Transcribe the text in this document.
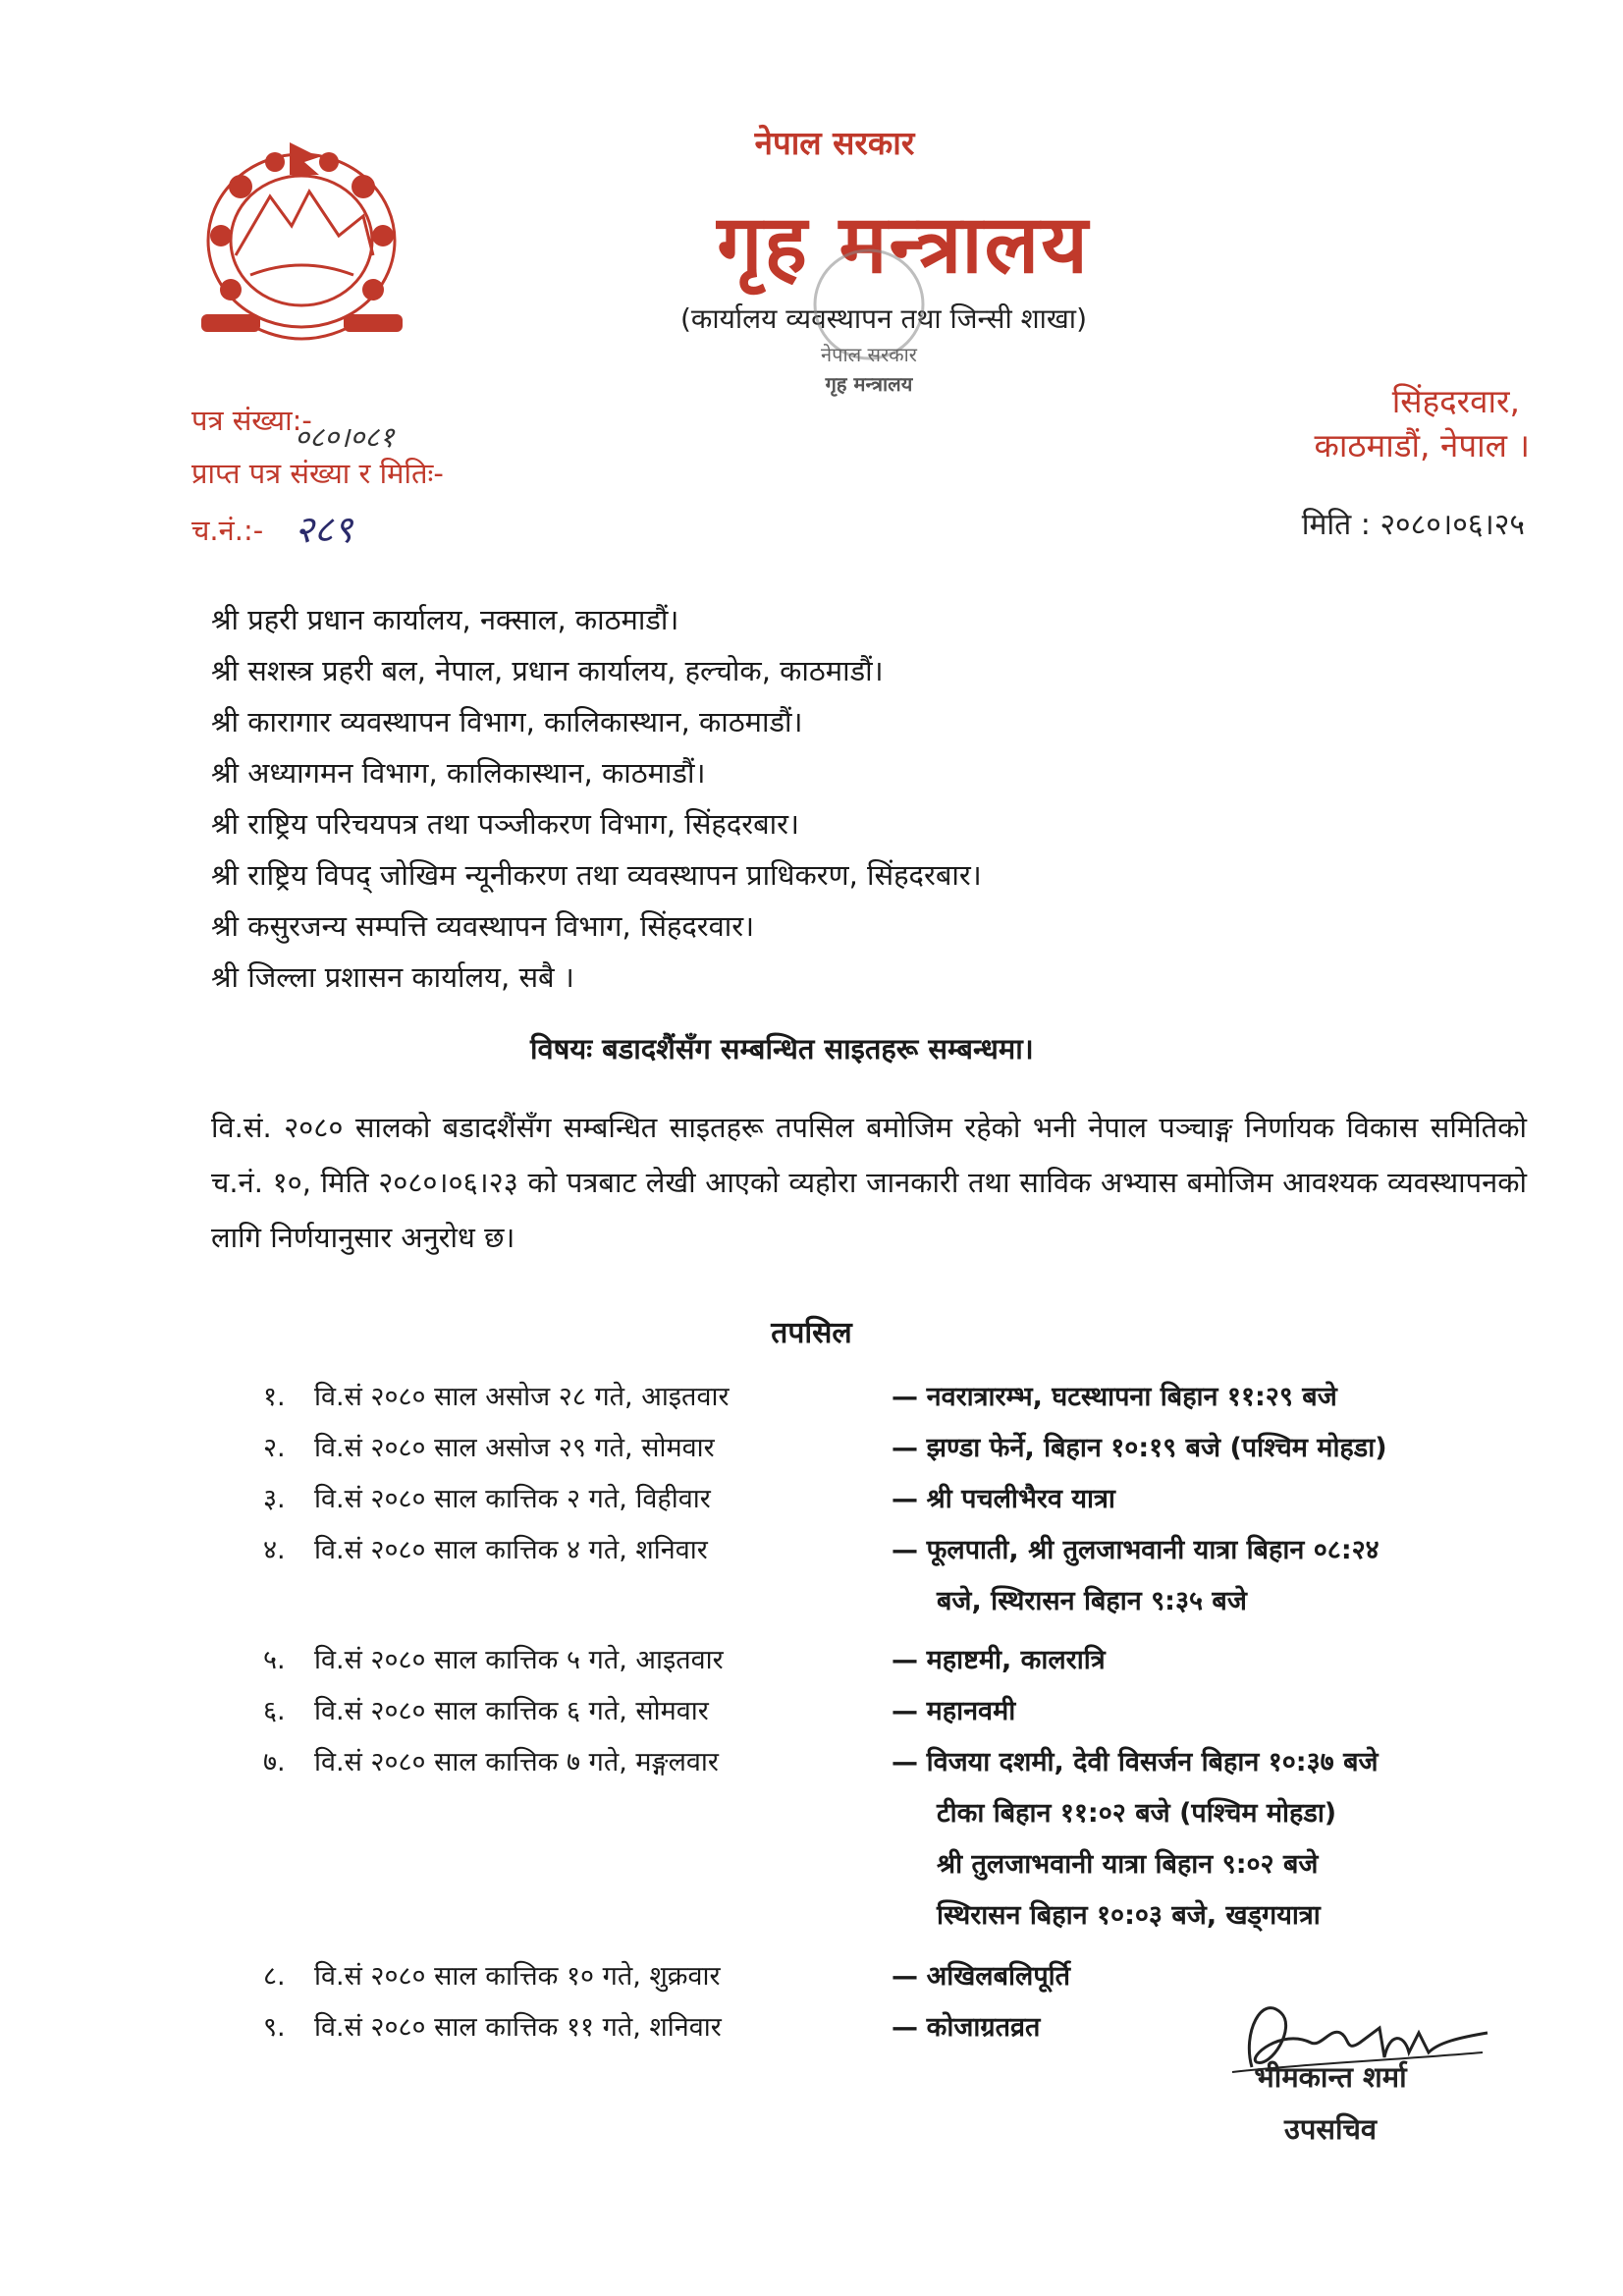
नेपाल सरकार
गृह मन्त्रालय
(कार्यालय व्यवस्थापन तथा जिन्सी शाखा)
नेपाल सरकार
गृह मन्त्रालय	सिंहदरवार,
काठमाडौं, नेपाल ।
पत्र संख्या:-
०८०।०८१
प्राप्त पत्र संख्या र मितिः-
च.नं.:- २८९	मिति : २०८०।०६।२५
श्री प्रहरी प्रधान कार्यालय, नक्साल, काठमाडौं।
श्री सशस्त्र प्रहरी बल, नेपाल, प्रधान कार्यालय, हल्चोक, काठमाडौं।
श्री कारागार व्यवस्थापन विभाग, कालिकास्थान, काठमाडौं।
श्री अध्यागमन विभाग, कालिकास्थान, काठमाडौं।
श्री राष्ट्रिय परिचयपत्र तथा पञ्जीकरण विभाग, सिंहदरबार।
श्री राष्ट्रिय विपद् जोखिम न्यूनीकरण तथा व्यवस्थापन प्राधिकरण, सिंहदरबार।
श्री कसुरजन्य सम्पत्ति व्यवस्थापन विभाग, सिंहदरवार।
श्री जिल्ला प्रशासन कार्यालय, सबै ।
विषयः बडादशैंसँग सम्बन्धित साइतहरू सम्बन्धमा।
वि.सं. २०८० सालको बडादशैंसँग सम्बन्धित साइतहरू तपसिल बमोजिम रहेको भनी नेपाल पञ्चाङ्ग निर्णायक विकास समितिको च.नं. १०, मिति २०८०।०६।२३ को पत्रबाट लेखी आएको व्यहोरा जानकारी तथा साविक अभ्यास बमोजिम आवश्यक व्यवस्थापनको लागि निर्णयानुसार अनुरोध छ।
तपसिल
१. वि.सं २०८० साल असोज २८ गते, आइतवार	— नवरात्रारम्भ, घटस्थापना बिहान ११:२९ बजे
२. वि.सं २०८० साल असोज २९ गते, सोमवार	— झण्डा फेर्ने, बिहान १०:१९ बजे (पश्चिम मोहडा)
३. वि.सं २०८० साल कात्तिक २ गते, विहीवार	— श्री पचलीभैरव यात्रा
४. वि.सं २०८० साल कात्तिक ४ गते, शनिवार	— फूलपाती, श्री तुलजाभवानी यात्रा बिहान ०८:२४
बजे, स्थिरासन बिहान ९:३५ बजे
५. वि.सं २०८० साल कात्तिक ५ गते, आइतवार	— महाष्टमी, कालरात्रि
६. वि.सं २०८० साल कात्तिक ६ गते, सोमवार	— महानवमी
७. वि.सं २०८० साल कात्तिक ७ गते, मङ्गलवार	— विजया दशमी, देवी विसर्जन बिहान १०:३७ बजे
टीका बिहान ११:०२ बजे (पश्चिम मोहडा)
श्री तुलजाभवानी यात्रा बिहान ९:०२ बजे
स्थिरासन बिहान १०:०३ बजे, खड्गयात्रा
८. वि.सं २०८० साल कात्तिक १० गते, शुक्रवार	— अखिलबलिपूर्ति
९. वि.सं २०८० साल कात्तिक ११ गते, शनिवार	— कोजाग्रतव्रत
भीमकान्त शर्मा
उपसचिव
